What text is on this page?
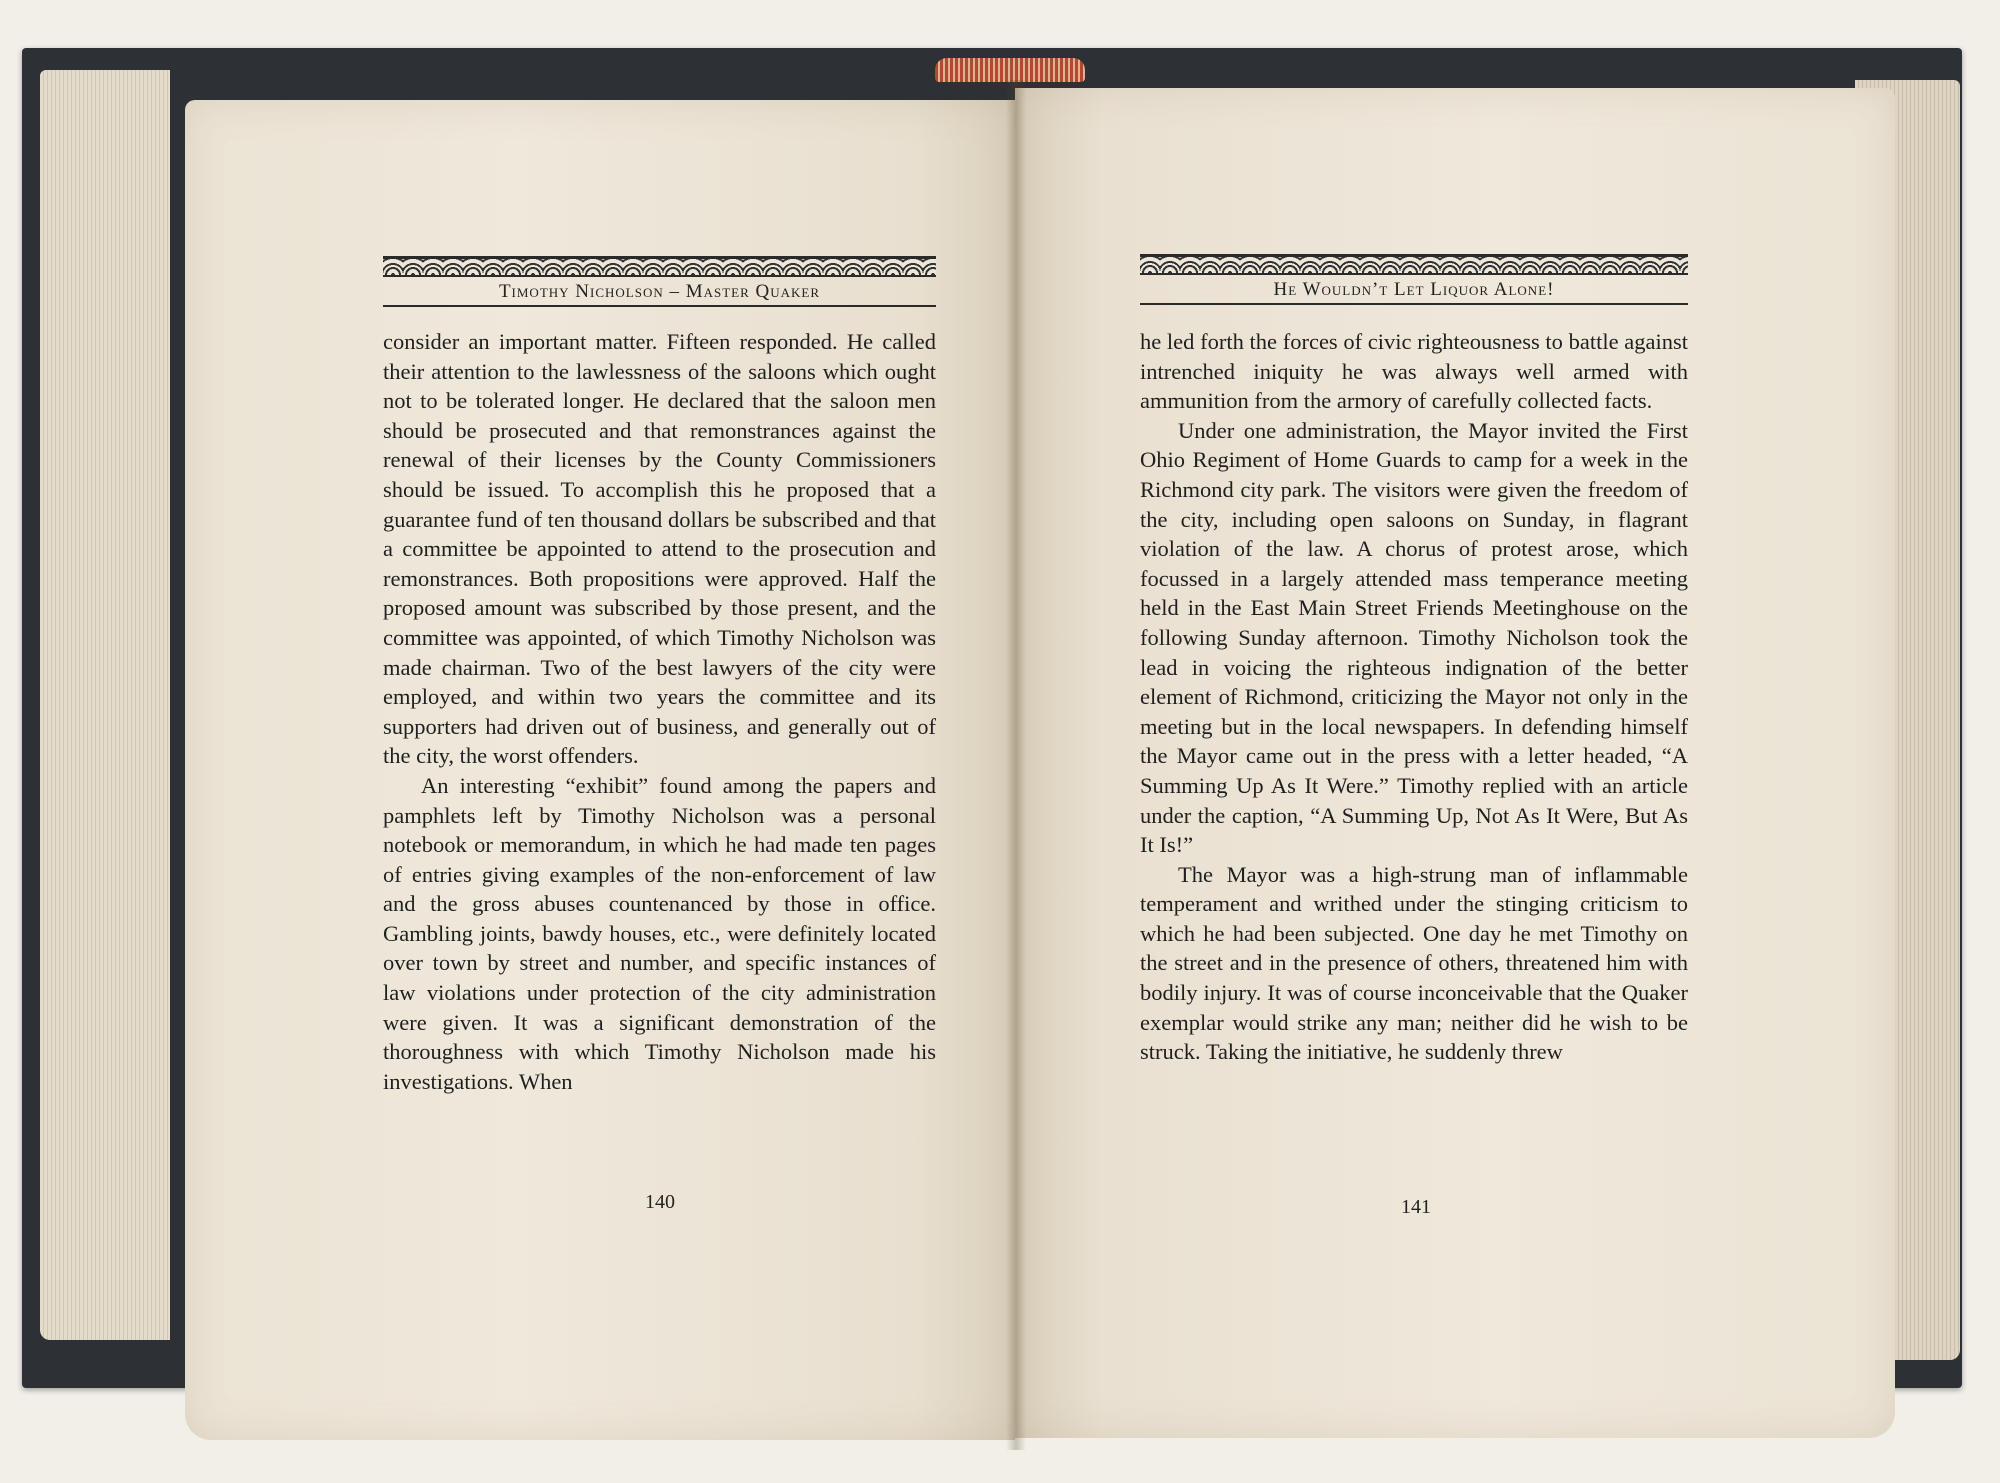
Timothy Nicholson – Master Quaker

consider an important matter. Fifteen responded. He called their attention to the lawlessness of the saloons which ought not to be tolerated longer. He declared that the saloon men should be prosecuted and that remonstrances against the renewal of their licenses by the County Commissioners should be issued. To accomplish this he proposed that a guarantee fund of ten thousand dollars be subscribed and that a committee be appointed to attend to the prosecution and remonstrances. Both propositions were approved. Half the proposed amount was subscribed by those present, and the committee was appointed, of which Timothy Nicholson was made chairman. Two of the best lawyers of the city were employed, and within two years the committee and its supporters had driven out of business, and generally out of the city, the worst offenders.

An interesting “exhibit” found among the papers and pamphlets left by Timothy Nicholson was a personal notebook or memorandum, in which he had made ten pages of entries giving examples of the non-enforcement of law and the gross abuses countenanced by those in office. Gambling joints, bawdy houses, etc., were definitely located over town by street and number, and specific instances of law violations under protection of the city administration were given. It was a significant demonstration of the thoroughness with which Timothy Nicholson made his investigations. When

140
He Wouldn’t Let Liquor Alone!

he led forth the forces of civic righteousness to battle against intrenched iniquity he was always well armed with ammunition from the armory of carefully collected facts.

Under one administration, the Mayor invited the First Ohio Regiment of Home Guards to camp for a week in the Richmond city park. The visitors were given the freedom of the city, including open saloons on Sunday, in flagrant violation of the law. A chorus of protest arose, which focussed in a largely attended mass temperance meeting held in the East Main Street Friends Meetinghouse on the following Sunday afternoon. Timothy Nicholson took the lead in voicing the righteous indignation of the better element of Richmond, criticizing the Mayor not only in the meeting but in the local newspapers. In defending himself the Mayor came out in the press with a letter headed, “A Summing Up As It Were.” Timothy replied with an article under the caption, “A Summing Up, Not As It Were, But As It Is!”

The Mayor was a high-strung man of inflammable temperament and writhed under the stinging criticism to which he had been subjected. One day he met Timothy on the street and in the presence of others, threatened him with bodily injury. It was of course inconceivable that the Quaker exemplar would strike any man; neither did he wish to be struck. Taking the initiative, he suddenly threw

141
